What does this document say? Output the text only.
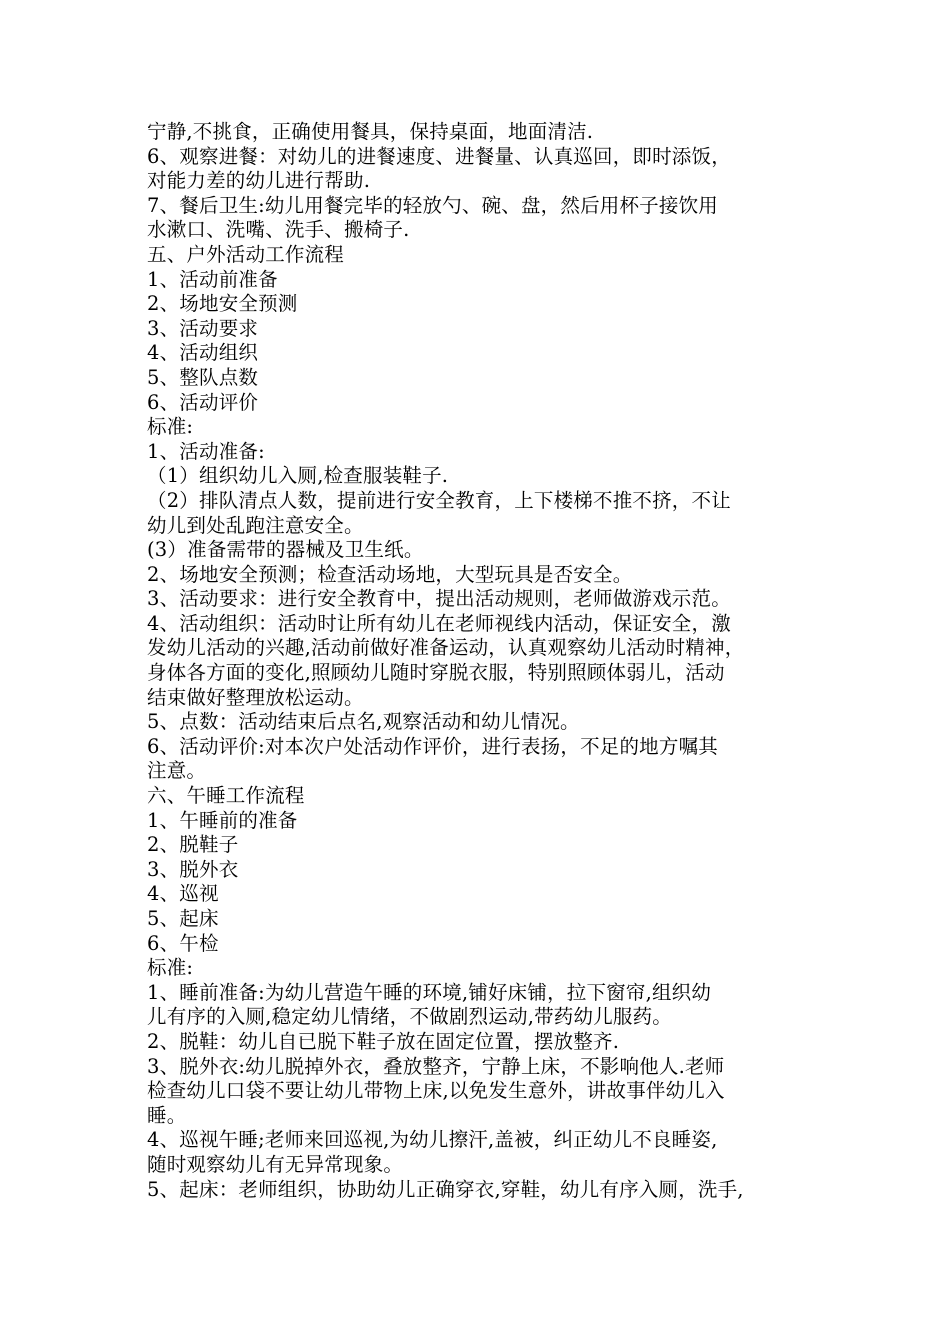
宁静,不挑食，正确使用餐具，保持桌面，地面清洁.
6、观察进餐：对幼儿的进餐速度、进餐量、认真巡回，即时添饭，
对能力差的幼儿进行帮助.
7、餐后卫生:幼儿用餐完毕的轻放勺、碗、盘，然后用杯子接饮用
水漱口、洗嘴、洗手、搬椅子.
五、户外活动工作流程
1、活动前准备
2、场地安全预测
3、活动要求
4、活动组织
5、整队点数
6、活动评价
标准:
1、活动准备:
（1）组织幼儿入厕,检查服装鞋子.
（2）排队清点人数，提前进行安全教育，上下楼梯不推不挤，不让
幼儿到处乱跑注意安全。
(3）准备需带的器械及卫生纸。
2、场地安全预测；检查活动场地，大型玩具是否安全。
3、活动要求：进行安全教育中，提出活动规则，老师做游戏示范。
4、活动组织：活动时让所有幼儿在老师视线内活动，保证安全，激
发幼儿活动的兴趣,活动前做好准备运动，认真观察幼儿活动时精神，
身体各方面的变化,照顾幼儿随时穿脱衣服，特别照顾体弱儿，活动
结束做好整理放松运动。
5、点数：活动结束后点名,观察活动和幼儿情况。
6、活动评价:对本次户处活动作评价，进行表扬，不足的地方嘱其
注意。
六、午睡工作流程
1、午睡前的准备
2、脱鞋子
3、脱外衣
4、巡视
5、起床
6、午检
标准:
1、睡前准备:为幼儿营造午睡的环境,铺好床铺，拉下窗帘,组织幼
儿有序的入厕,稳定幼儿情绪，不做剧烈运动,带药幼儿服药。
2、脱鞋：幼儿自已脱下鞋子放在固定位置，摆放整齐.
3、脱外衣:幼儿脱掉外衣，叠放整齐，宁静上床，不影响他人.老师
检查幼儿口袋不要让幼儿带物上床,以免发生意外，讲故事伴幼儿入
睡。
4、巡视午睡;老师来回巡视,为幼儿擦汗,盖被，纠正幼儿不良睡姿,
随时观察幼儿有无异常现象。
5、起床：老师组织，协助幼儿正确穿衣,穿鞋，幼儿有序入厕，洗手,
